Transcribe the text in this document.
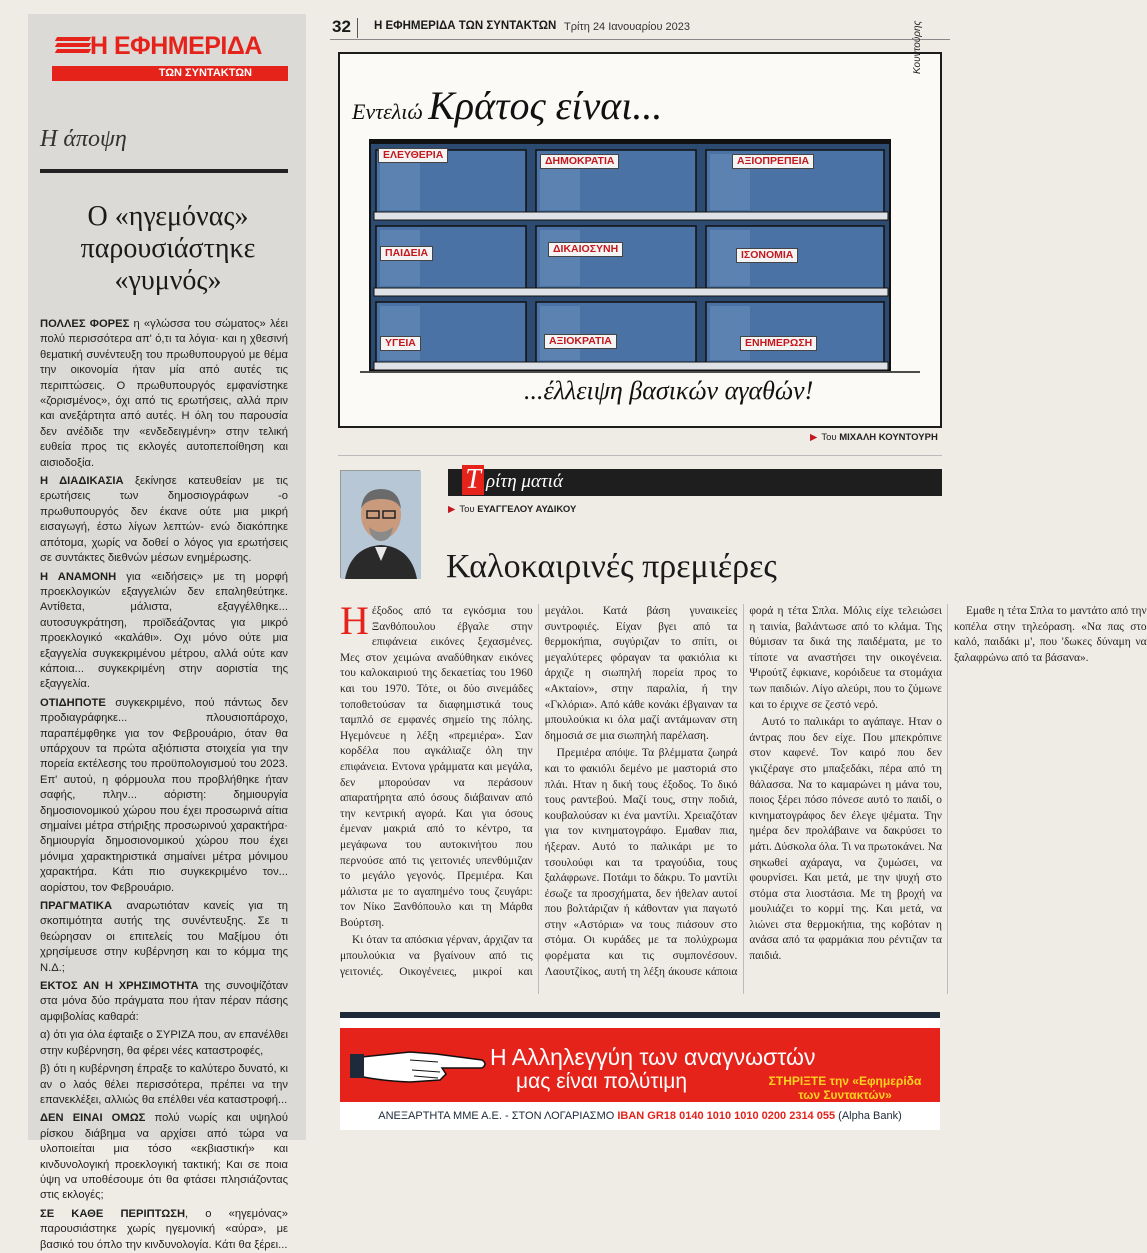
Η ΕΦΗΜΕΡΙΔΑ
ΤΩΝ ΣΥΝΤΑΚΤΩΝ
Η άποψη
Ο «ηγεμόνας» παρουσιάστηκε «γυμνός»

ΠΟΛΛΕΣ ΦΟΡΕΣ η «γλώσσα του σώματος» λέει πολύ περισσότερα απ' ό,τι τα λόγια· και η χθεσινή θεματική συνέντευξη του πρωθυπουργού με θέμα την οικονομία ήταν μία από αυτές τις περιπτώσεις. Ο πρωθυπουργός εμφανίστηκε «ζορισμένος», όχι από τις ερωτήσεις, αλλά πριν και ανεξάρτητα από αυτές. Η όλη του παρουσία δεν ανέδιδε την «ενδεδειγμένη» στην τελική ευθεία προς τις εκλογές αυτοπεποίθηση και αισιοδοξία.

Η ΔΙΑΔΙΚΑΣΙΑ ξεκίνησε κατευθείαν με τις ερωτήσεις των δημοσιογράφων -ο πρωθυπουργός δεν έκανε ούτε μια μικρή εισαγωγή, έστω λίγων λεπτών- ενώ διακόπηκε απότομα, χωρίς να δοθεί ο λόγος για ερωτήσεις σε συντάκτες διεθνών μέσων ενημέρωσης.

Η ΑΝΑΜΟΝΗ για «ειδήσεις» με τη μορφή προεκλογικών εξαγγελιών δεν επαληθεύτηκε. Αντίθετα, μάλιστα, εξαγγέλθηκε... αυτοσυγκράτηση, προϊδεάζοντας για μικρό προεκλογικό «καλάθι». Οχι μόνο ούτε μια εξαγγελία συγκεκριμένου μέτρου, αλλά ούτε καν κάποια... συγκεκριμένη στην αοριστία της εξαγγελία.

ΟΤΙΔΗΠΟΤΕ συγκεκριμένο, πού πάντως δεν προδιαγράφηκε... πλουσιοπάροχο, παραπέμφθηκε για τον Φεβρουάριο, όταν θα υπάρχουν τα πρώτα αξιόπιστα στοιχεία για την πορεία εκτέλεσης του προϋπολογισμού του 2023. Επ' αυτού, η φόρμουλα που προβλήθηκε ήταν σαφής, πλην... αόριστη: δημιουργία δημοσιονομικού χώρου που έχει προσωρινά αίτια σημαίνει μέτρα στήριξης προσωρινού χαρακτήρα· δημιουργία δημοσιονομικού χώρου που έχει μόνιμα χαρακτηριστικά σημαίνει μέτρα μόνιμου χαρακτήρα. Κάτι πιο συγκεκριμένο τον... αορίστου, τον Φεβρουάριο.

ΠΡΑΓΜΑΤΙΚΑ αναρωτιόταν κανείς για τη σκοπιμότητα αυτής της συνέντευξης. Σε τι θεώρησαν οι επιτελείς του Μαξίμου ότι χρησίμευσε στην κυβέρνηση και το κόμμα της Ν.Δ.;

ΕΚΤΟΣ ΑΝ Η ΧΡΗΣΙΜΟΤΗΤΑ της συνοψίζόταν στα μόνα δύο πράγματα που ήταν πέραν πάσης αμφιβολίας καθαρά:

α) ότι για όλα έφταιξε ο ΣΥΡΙΖΑ που, αν επανέλθει στην κυβέρνηση, θα φέρει νέες καταστροφές,

β) ότι η κυβέρνηση έπραξε το καλύτερο δυνατό, κι αν ο λαός θέλει περισσότερα, πρέπει να την επανεκλέξει, αλλιώς θα επέλθει νέα καταστροφή...

ΔΕΝ ΕΙΝΑΙ ΟΜΩΣ πολύ νωρίς και υψηλού ρίσκου διάβημα να αρχίσει από τώρα να υλοποιείται μια τόσο «εκβιαστική» και κινδυνολογική προεκλογική τακτική; Και σε ποια ύψη να υποθέσουμε ότι θα φτάσει πλησιάζοντας στις εκλογές;

ΣΕ ΚΑΘΕ ΠΕΡΙΠΤΩΣΗ, ο «ηγεμόνας» παρουσιάστηκε χωρίς ηγεμονική «αύρα», με βασικό του όπλο την κινδυνολογία. Κάτι θα ξέρει...

32	Η ΕΦΗΜΕΡΙΔΑ ΤΩΝ ΣΥΝΤΑΚΤΩΝ Τρίτη 24 Ιανουαρίου 2023
Εντελιώ Κράτος είναι...
Κουντούρης
ΕΛΕΥΘΕΡΙΑ	ΔΗΜΟΚΡΑΤΙΑ	ΑΞΙΟΠΡΕΠΕΙΑ
ΠΑΙΔΕΙΑ	ΔΙΚΑΙΟΣΥΝΗ	ΙΣΟΝΟΜΙΑ
ΥΓΕΙΑ	ΑΞΙΟΚΡΑΤΙΑ	ΕΝΗΜΕΡΩΣΗ
...έλλειψη βασικών αγαθών!
▶ Του ΜΙΧΑΛΗ ΚΟΥΝΤΟΥΡΗ
Τ ρίτη ματιά
▶ Του ΕΥΑΓΓΕΛΟΥ ΑΥΔΙΚΟΥ
Καλοκαιρινές πρεμιέρες

Ηέξοδος από τα εγκόσμια του Ξανθόπουλου έβγαλε στην επιφάνεια εικόνες ξεχασμένες. Μες στον χειμώνα αναδύθηκαν εικόνες του καλοκαιριού της δεκαετίας του 1960 και του 1970. Τότε, οι δύο σινεμάδες τοποθετούσαν τα διαφημιστικά τους ταμπλό σε εμφανές σημείο της πόλης. Ηγεμόνευε η λέξη «πρεμιέρα». Σαν κορδέλα που αγκάλιαζε όλη την επιφάνεια. Εντονα γράμματα και μεγάλα, δεν μπορούσαν να περάσουν απαρατήρητα από όσους διάβαιναν από την κεντρική αγορά. Και για όσους έμεναν μακριά από το κέντρο, τα μεγάφωνα του αυτοκινήτου που περνούσε από τις γειτονιές υπενθύμιζαν το μεγάλο γεγονός. Πρεμιέρα. Και μάλιστα με το αγαπημένο τους ζευγάρι: τον Νίκο Ξανθόπουλο και τη Μάρθα Βούρτση.

Κι όταν τα απόσκια γέρναν, άρχιζαν τα μπουλούκια να βγαίνουν από τις γειτονιές. Οικογένειες, μικροί και μεγάλοι. Κατά βάση γυναικείες συντροφιές. Είχαν βγει από τα θερμοκήπια, συγύριζαν το σπίτι, οι μεγαλύτερες φόραγαν τα φακιόλια κι άρχιζε η σιωπηλή πορεία προς το «Ακταίον», στην παραλία, ή την «Γκλόρια». Από κάθε κονάκι έβγαιναν τα μπουλούκια κι όλα μαζί αντάμωναν στη δημοσιά σε μια σιωπηλή παρέλαση.

Πρεμιέρα απόψε. Τα βλέμματα ζωηρά και το φακιόλι δεμένο με μαστοριά στο πλάι. Ηταν η δική τους έξοδος. Το δικό τους ραντεβού. Μαζί τους, στην ποδιά, κουβαλούσαν κι ένα μαντίλι. Χρειαζόταν για τον κινηματογράφο. Εμαθαν πια, ήξεραν. Αυτό το παλικάρι με το τσουλούφι και τα τραγούδια, τους ξαλάφρωνε. Ποτάμι το δάκρυ. Το μαντίλι έσωζε τα προσχήματα, δεν ήθελαν αυτοί που βολτάριζαν ή κάθονταν για παγωτό στην «Αστόρια» να τους πιάσουν στο στόμα. Οι κυράδες με τα πολύχρωμα φορέματα και τις συμπονέσουν. Λαουτζίκος, αυτή τη λέξη άκουσε κάποια φορά η τέτα Σπλα. Μόλις είχε τελειώσει η ταινία, βαλάντωσε από το κλάμα. Της θύμισαν τα δικά της παιδέματα, με το τίποτε να αναστήσει την οικογένεια. Ψιρούτζ έφκιανε, κορόιδευε τα στομάχια των παιδιών. Λίγο αλεύρι, που το ζύμωνε και το έριχνε σε ζεστό νερό.

Αυτό το παλικάρι το αγάπαγε. Ηταν ο άντρας που δεν είχε. Που μπεκρόπινε στον καφενέ. Τον καιρό που δεν γκιζέραγε στο μπαξεδάκι, πέρα από τη θάλασσα. Να το καμαρώνει η μάνα του, ποιος ξέρει πόσο πόνεσε αυτό το παιδί, ο κινηματογράφος δεν έλεγε ψέματα. Την ημέρα δεν προλάβαινε να δακρύσει το μάτι. Δύσκολα όλα. Τι να πρωτοκάνει. Να σηκωθεί αχάραγα, να ζυμώσει, να φουρνίσει. Και μετά, με την ψυχή στο στόμα στα λιοστάσια. Με τη βροχή να μουλιάζει το κορμί της. Και μετά, να λιώνει στα θερμοκήπια, της κοβόταν η ανάσα από τα φαρμάκια που ρέντιζαν τα παιδιά.

Εμαθε η τέτα Σπλα το μαντάτο από την κοπέλα στην τηλεόραση. «Να πας στο καλό, παιδάκι μ', που 'δωκες δύναμη να ξαλαφρώνω από τα βάσανα».

Η Αλληλεγγύη των αναγνωστών
μας είναι πολύτιμη	ΣΤΗΡΙΞΤΕ την «Εφημερίδα των Συντακτών»
ΑΝΕΞΑΡΤΗΤΑ ΜΜΕ Α.Ε. - ΣΤΟΝ ΛΟΓΑΡΙΑΣΜΟ IBAN GR18 0140 1010 1010 0200 2314 055 (Alpha Bank)
